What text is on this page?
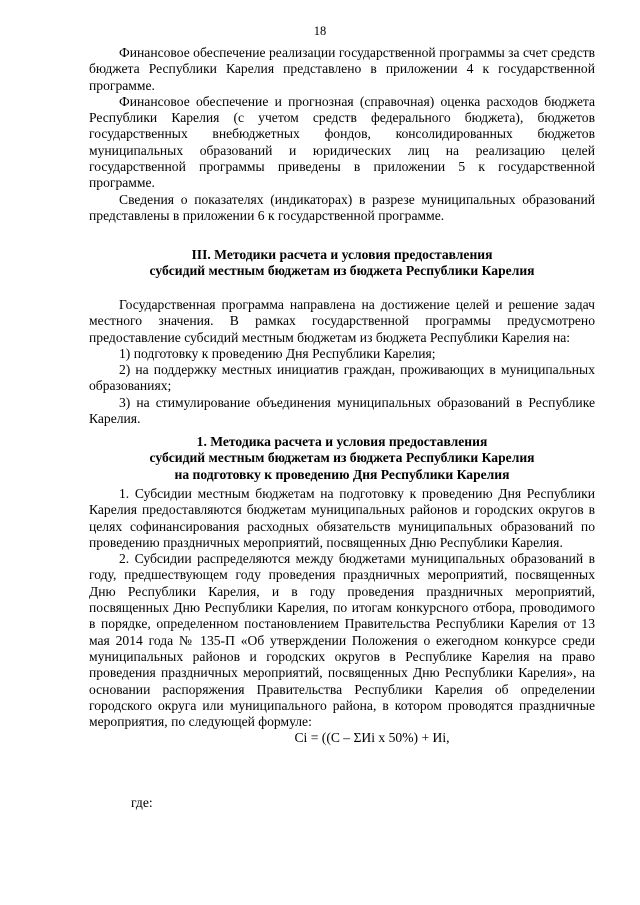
18

Финансовое обеспечение реализации государственной программы за счет средств бюджета Республики Карелия представлено в приложении 4 к государственной программе.

Финансовое обеспечение и прогнозная (справочная) оценка расходов бюджета Республики Карелия (с учетом средств федерального бюджета), бюджетов государственных внебюджетных фондов, консолидированных бюджетов муниципальных образований и юридических лиц на реализацию целей государственной программы приведены в приложении 5 к государственной программе.

Сведения о показателях (индикаторах) в разрезе муниципальных образований представлены в приложении 6 к государственной программе.

III. Методики расчета и условия предоставления

субсидий местным бюджетам из бюджета Республики Карелия

Государственная программа направлена на достижение целей и решение задач местного значения. В рамках государственной программы предусмотрено предоставление субсидий местным бюджетам из бюджета Республики Карелия на:

1) подготовку к проведению Дня Республики Карелия;
2) на поддержку местных инициатив граждан, проживающих в муниципальных образованиях;
3) на стимулирование объединения муниципальных образований в Республике Карелия.

1. Методика расчета и условия предоставления

субсидий местным бюджетам из бюджета Республики Карелия

на подготовку к проведению Дня Республики Карелия

1. Субсидии местным бюджетам на подготовку к проведению Дня Республики Карелия предоставляются бюджетам муниципальных районов и городских округов в целях софинансирования расходных обязательств муниципальных образований по проведению праздничных мероприятий, посвященных Дню Республики Карелия.

2. Субсидии распределяются между бюджетами муниципальных образований в году, предшествующем году проведения праздничных мероприятий, посвященных Дню Республики Карелия, и в году проведения праздничных мероприятий, посвященных Дню Республики Карелия, по итогам конкурсного отбора, проводимого в порядке, определенном постановлением Правительства Республики Карелия от 13 мая 2014 года № 135-П «Об утверждении Положения о ежегодном конкурсе среди муниципальных районов и городских округов в Республике Карелия на право проведения праздничных мероприятий, посвященных Дню Республики Карелия», на основании распоряжения Правительства Республики Карелия об определении городского округа или муниципального района, в котором проводятся праздничные мероприятия, по следующей формуле:

Сi = ((С – ΣИi х 50%) + Иi,

где:
